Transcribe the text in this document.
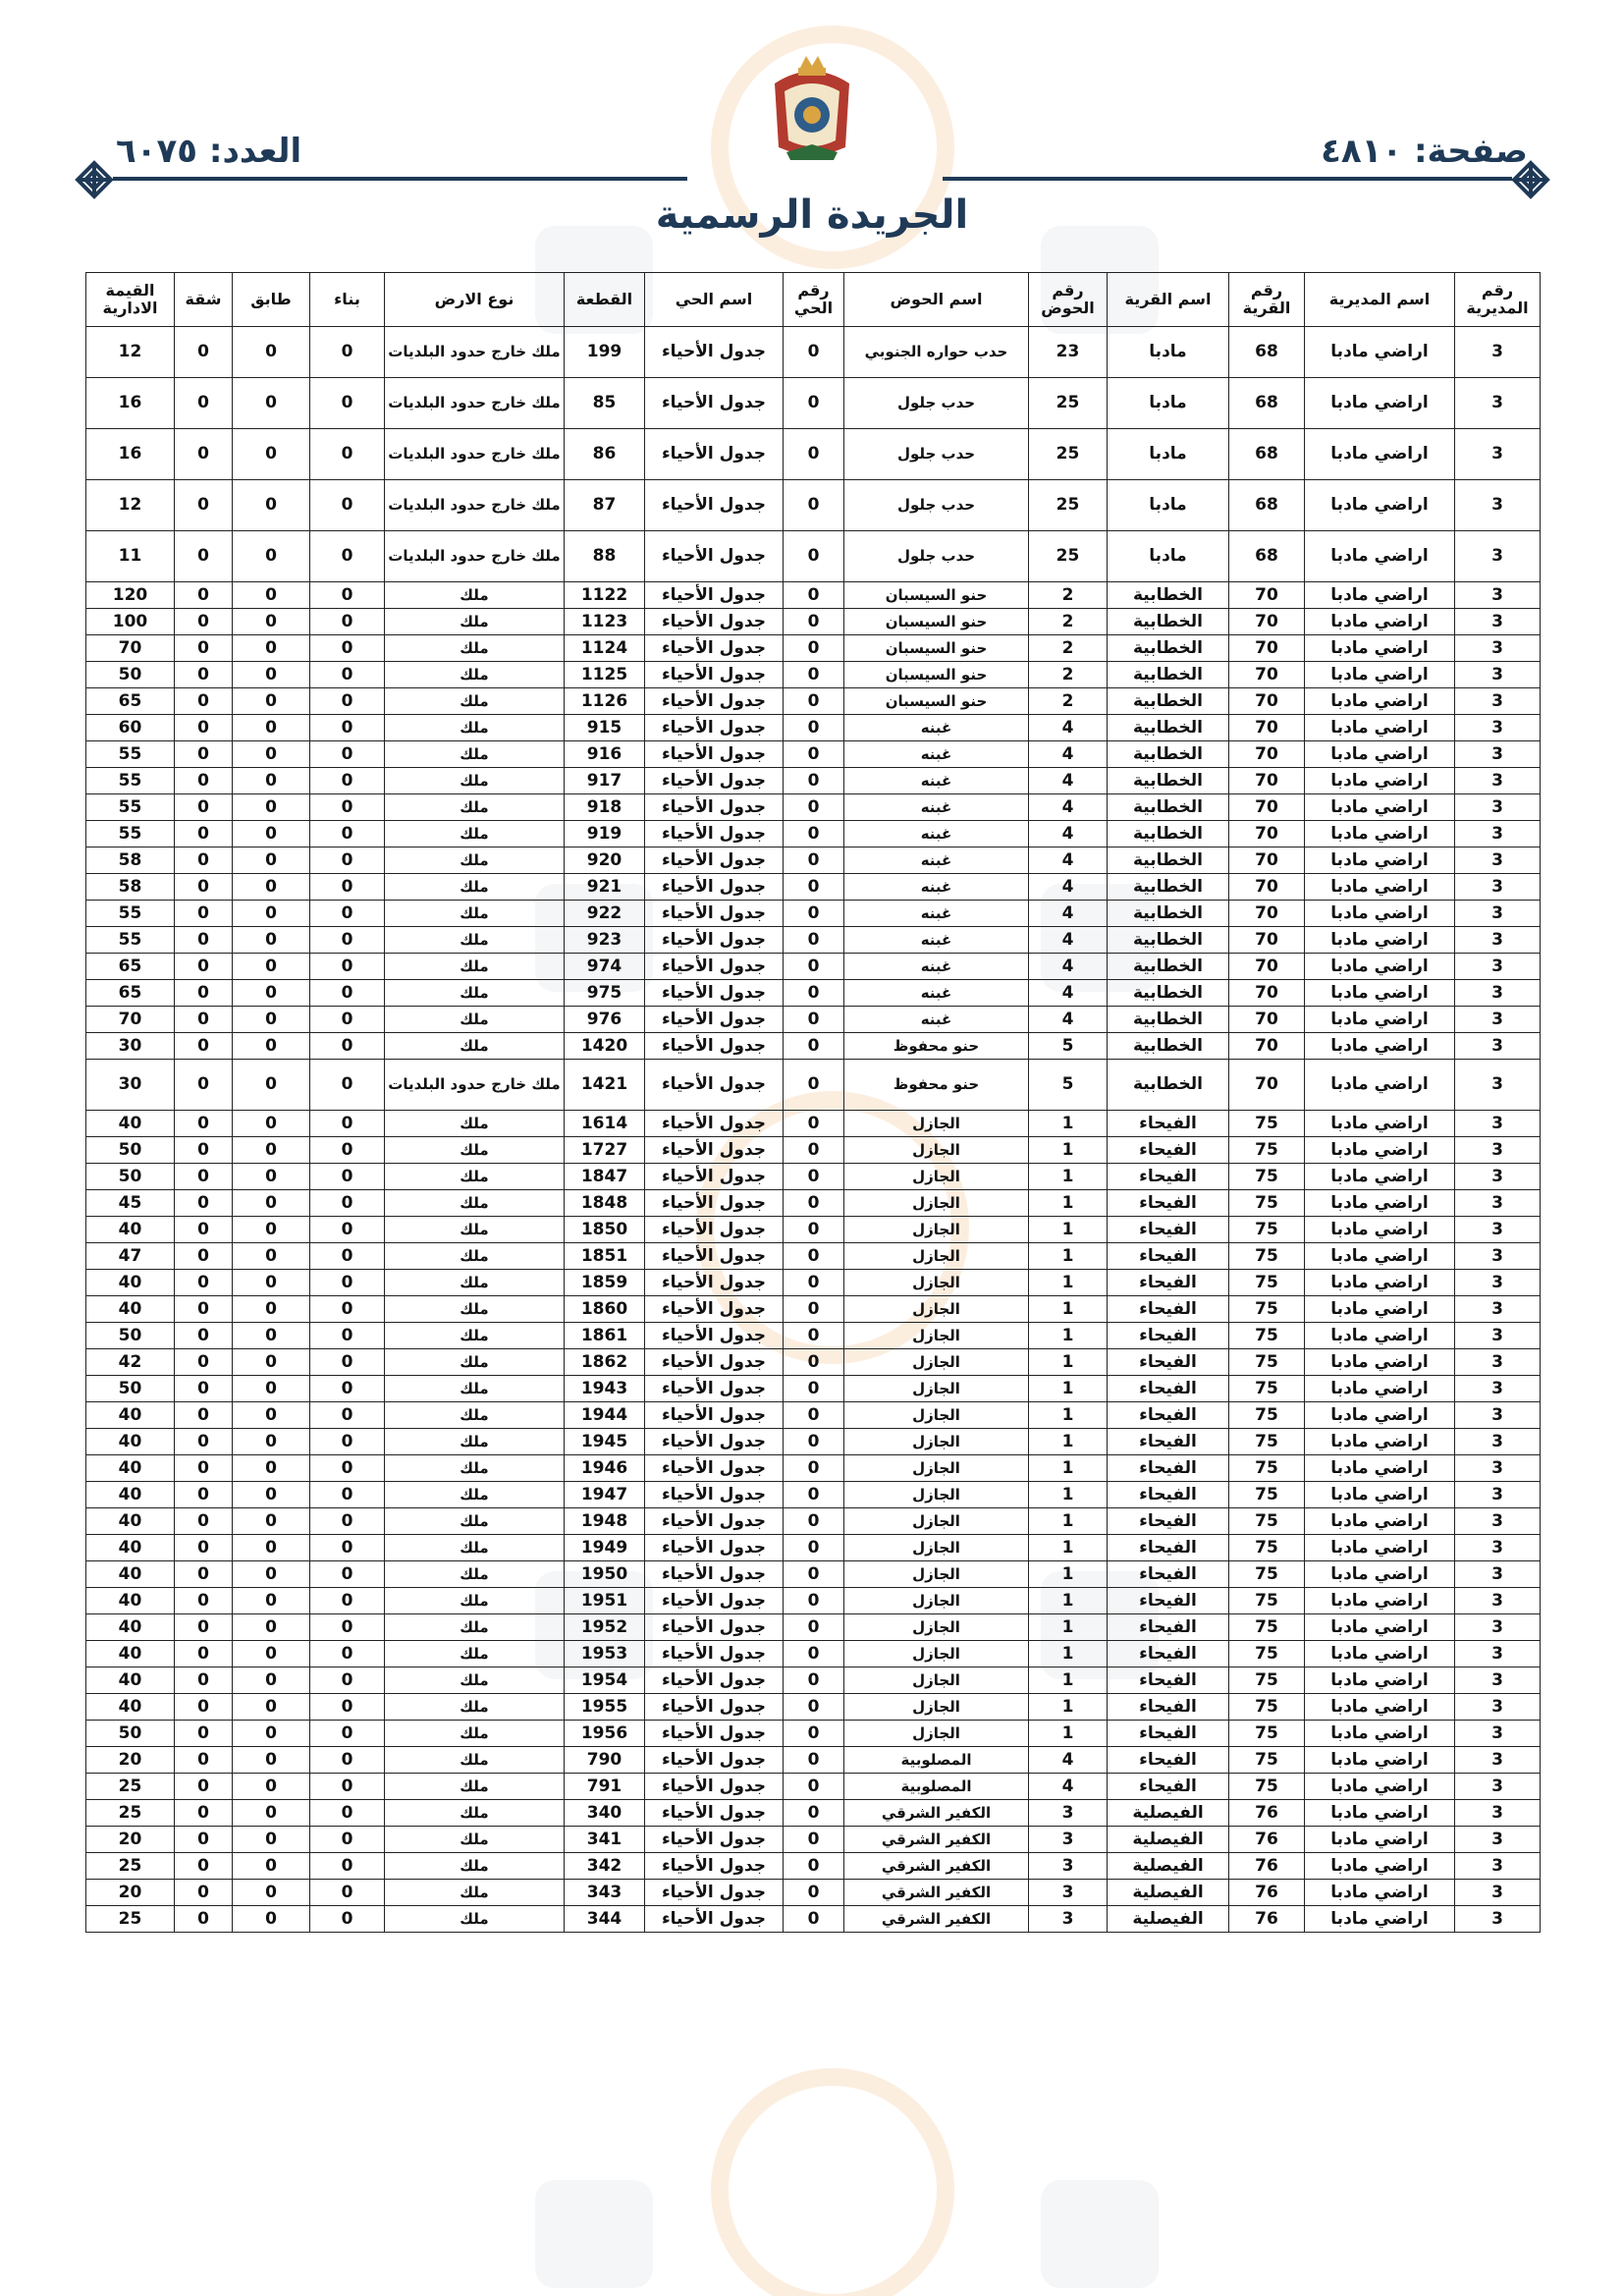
صفحة: ٤٨١٠
العدد: ٦٠٧٥
الجريدة الرسمية
رقم المديرية	اسم المديرية	رقم القرية	اسم القرية	رقم الحوض	اسم الحوض	رقم الحي	اسم الحي	القطعة	نوع الارض	بناء	طابق	شقة	القيمة الادارية
3	اراضي مادبا	68	مادبا	23	حدب حواره الجنوبي	0	جدول الأحياء	199	ملك خارج حدود البلديات	0	0	0	12
3	اراضي مادبا	68	مادبا	25	حدب جلول	0	جدول الأحياء	85	ملك خارج حدود البلديات	0	0	0	16
3	اراضي مادبا	68	مادبا	25	حدب جلول	0	جدول الأحياء	86	ملك خارج حدود البلديات	0	0	0	16
3	اراضي مادبا	68	مادبا	25	حدب جلول	0	جدول الأحياء	87	ملك خارج حدود البلديات	0	0	0	12
3	اراضي مادبا	68	مادبا	25	حدب جلول	0	جدول الأحياء	88	ملك خارج حدود البلديات	0	0	0	11
3	اراضي مادبا	70	الخطابية	2	حنو السيسبان	0	جدول الأحياء	1122	ملك	0	0	0	120
3	اراضي مادبا	70	الخطابية	2	حنو السيسبان	0	جدول الأحياء	1123	ملك	0	0	0	100
3	اراضي مادبا	70	الخطابية	2	حنو السيسبان	0	جدول الأحياء	1124	ملك	0	0	0	70
3	اراضي مادبا	70	الخطابية	2	حنو السيسبان	0	جدول الأحياء	1125	ملك	0	0	0	50
3	اراضي مادبا	70	الخطابية	2	حنو السيسبان	0	جدول الأحياء	1126	ملك	0	0	0	65
3	اراضي مادبا	70	الخطابية	4	غبنه	0	جدول الأحياء	915	ملك	0	0	0	60
3	اراضي مادبا	70	الخطابية	4	غبنه	0	جدول الأحياء	916	ملك	0	0	0	55
3	اراضي مادبا	70	الخطابية	4	غبنه	0	جدول الأحياء	917	ملك	0	0	0	55
3	اراضي مادبا	70	الخطابية	4	غبنه	0	جدول الأحياء	918	ملك	0	0	0	55
3	اراضي مادبا	70	الخطابية	4	غبنه	0	جدول الأحياء	919	ملك	0	0	0	55
3	اراضي مادبا	70	الخطابية	4	غبنه	0	جدول الأحياء	920	ملك	0	0	0	58
3	اراضي مادبا	70	الخطابية	4	غبنه	0	جدول الأحياء	921	ملك	0	0	0	58
3	اراضي مادبا	70	الخطابية	4	غبنه	0	جدول الأحياء	922	ملك	0	0	0	55
3	اراضي مادبا	70	الخطابية	4	غبنه	0	جدول الأحياء	923	ملك	0	0	0	55
3	اراضي مادبا	70	الخطابية	4	غبنه	0	جدول الأحياء	974	ملك	0	0	0	65
3	اراضي مادبا	70	الخطابية	4	غبنه	0	جدول الأحياء	975	ملك	0	0	0	65
3	اراضي مادبا	70	الخطابية	4	غبنه	0	جدول الأحياء	976	ملك	0	0	0	70
3	اراضي مادبا	70	الخطابية	5	حنو محفوظ	0	جدول الأحياء	1420	ملك	0	0	0	30
3	اراضي مادبا	70	الخطابية	5	حنو محفوظ	0	جدول الأحياء	1421	ملك خارج حدود البلديات	0	0	0	30
3	اراضي مادبا	75	الفيحاء	1	الجازل	0	جدول الأحياء	1614	ملك	0	0	0	40
3	اراضي مادبا	75	الفيحاء	1	الجازل	0	جدول الأحياء	1727	ملك	0	0	0	50
3	اراضي مادبا	75	الفيحاء	1	الجازل	0	جدول الأحياء	1847	ملك	0	0	0	50
3	اراضي مادبا	75	الفيحاء	1	الجازل	0	جدول الأحياء	1848	ملك	0	0	0	45
3	اراضي مادبا	75	الفيحاء	1	الجازل	0	جدول الأحياء	1850	ملك	0	0	0	40
3	اراضي مادبا	75	الفيحاء	1	الجازل	0	جدول الأحياء	1851	ملك	0	0	0	47
3	اراضي مادبا	75	الفيحاء	1	الجازل	0	جدول الأحياء	1859	ملك	0	0	0	40
3	اراضي مادبا	75	الفيحاء	1	الجازل	0	جدول الأحياء	1860	ملك	0	0	0	40
3	اراضي مادبا	75	الفيحاء	1	الجازل	0	جدول الأحياء	1861	ملك	0	0	0	50
3	اراضي مادبا	75	الفيحاء	1	الجازل	0	جدول الأحياء	1862	ملك	0	0	0	42
3	اراضي مادبا	75	الفيحاء	1	الجازل	0	جدول الأحياء	1943	ملك	0	0	0	50
3	اراضي مادبا	75	الفيحاء	1	الجازل	0	جدول الأحياء	1944	ملك	0	0	0	40
3	اراضي مادبا	75	الفيحاء	1	الجازل	0	جدول الأحياء	1945	ملك	0	0	0	40
3	اراضي مادبا	75	الفيحاء	1	الجازل	0	جدول الأحياء	1946	ملك	0	0	0	40
3	اراضي مادبا	75	الفيحاء	1	الجازل	0	جدول الأحياء	1947	ملك	0	0	0	40
3	اراضي مادبا	75	الفيحاء	1	الجازل	0	جدول الأحياء	1948	ملك	0	0	0	40
3	اراضي مادبا	75	الفيحاء	1	الجازل	0	جدول الأحياء	1949	ملك	0	0	0	40
3	اراضي مادبا	75	الفيحاء	1	الجازل	0	جدول الأحياء	1950	ملك	0	0	0	40
3	اراضي مادبا	75	الفيحاء	1	الجازل	0	جدول الأحياء	1951	ملك	0	0	0	40
3	اراضي مادبا	75	الفيحاء	1	الجازل	0	جدول الأحياء	1952	ملك	0	0	0	40
3	اراضي مادبا	75	الفيحاء	1	الجازل	0	جدول الأحياء	1953	ملك	0	0	0	40
3	اراضي مادبا	75	الفيحاء	1	الجازل	0	جدول الأحياء	1954	ملك	0	0	0	40
3	اراضي مادبا	75	الفيحاء	1	الجازل	0	جدول الأحياء	1955	ملك	0	0	0	40
3	اراضي مادبا	75	الفيحاء	1	الجازل	0	جدول الأحياء	1956	ملك	0	0	0	50
3	اراضي مادبا	75	الفيحاء	4	المصلوبية	0	جدول الأحياء	790	ملك	0	0	0	20
3	اراضي مادبا	75	الفيحاء	4	المصلوبية	0	جدول الأحياء	791	ملك	0	0	0	25
3	اراضي مادبا	76	الفيصلية	3	الكفير الشرقي	0	جدول الأحياء	340	ملك	0	0	0	25
3	اراضي مادبا	76	الفيصلية	3	الكفير الشرقي	0	جدول الأحياء	341	ملك	0	0	0	20
3	اراضي مادبا	76	الفيصلية	3	الكفير الشرقي	0	جدول الأحياء	342	ملك	0	0	0	25
3	اراضي مادبا	76	الفيصلية	3	الكفير الشرقي	0	جدول الأحياء	343	ملك	0	0	0	20
3	اراضي مادبا	76	الفيصلية	3	الكفير الشرقي	0	جدول الأحياء	344	ملك	0	0	0	25
